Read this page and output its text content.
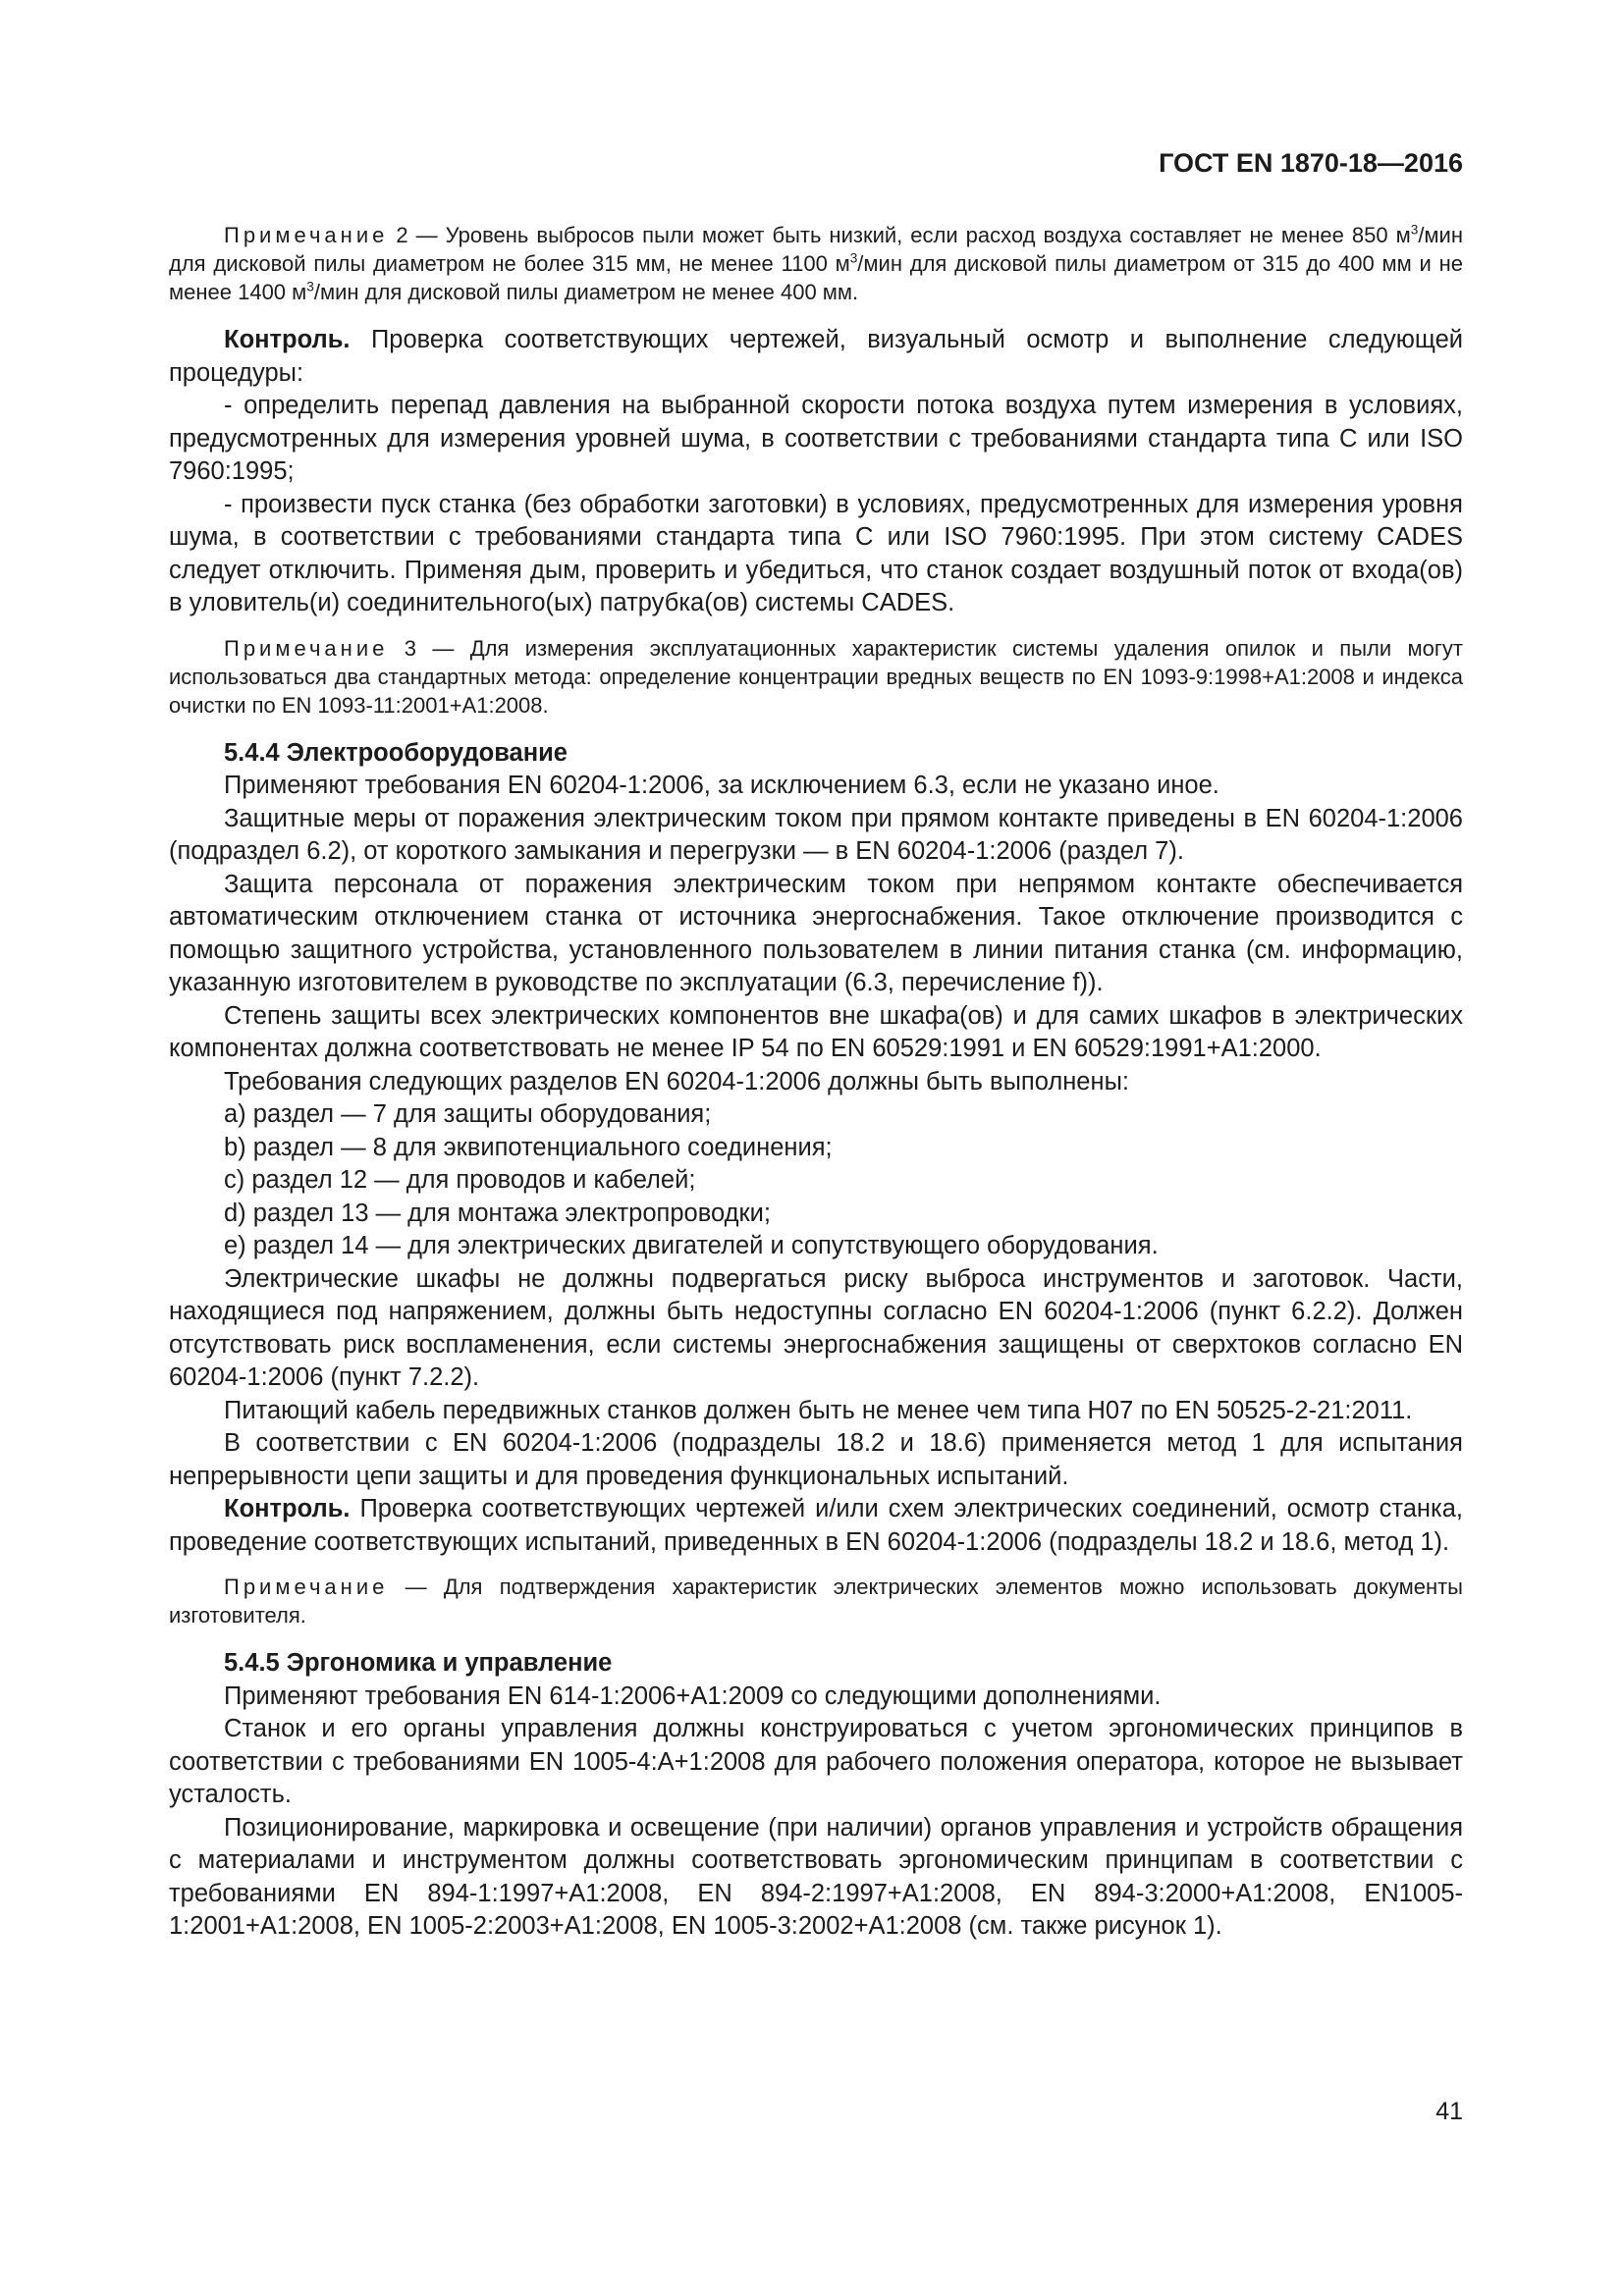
ГОСТ EN 1870-18—2016

Примечание 2 — Уровень выбросов пыли может быть низкий, если расход воздуха составляет не менее 850 $м^3$/мин для дисковой пилы диаметром не более 315 мм, не менее 1100 $м^3$/мин для дисковой пилы диаметром от 315 до 400 мм и не менее 1400 $м^3$/мин для дисковой пилы диаметром не менее 400 мм.

Контроль. Проверка соответствующих чертежей, визуальный осмотр и выполнение следующей процедуры:

- определить перепад давления на выбранной скорости потока воздуха путем измерения в условиях, предусмотренных для измерения уровней шума, в соответствии с требованиями стандарта типа С или ISO 7960:1995;

- произвести пуск станка (без обработки заготовки) в условиях, предусмотренных для измерения уровня шума, в соответствии с требованиями стандарта типа С или ISO 7960:1995. При этом систему CADES следует отключить. Применяя дым, проверить и убедиться, что станок создает воздушный поток от входа(ов) в уловитель(и) соединительного(ых) патрубка(ов) системы CADES.

Примечание 3 — Для измерения эксплуатационных характеристик системы удаления опилок и пыли могут использоваться два стандартных метода: определение концентрации вредных веществ по EN 1093-9:1998+A1:2008 и индекса очистки по EN 1093-11:2001+A1:2008.

5.4.4 Электрооборудование

Применяют требования EN 60204-1:2006, за исключением 6.3, если не указано иное.

Защитные меры от поражения электрическим током при прямом контакте приведены в EN 60204-1:2006 (подраздел 6.2), от короткого замыкания и перегрузки — в EN 60204-1:2006 (раздел 7).

Защита персонала от поражения электрическим током при непрямом контакте обеспечивается автоматическим отключением станка от источника энергоснабжения. Такое отключение производится с помощью защитного устройства, установленного пользователем в линии питания станка (см. информацию, указанную изготовителем в руководстве по эксплуатации (6.3, перечисление f)).

Степень защиты всех электрических компонентов вне шкафа(ов) и для самих шкафов в электрических компонентах должна соответствовать не менее IP 54 по EN 60529:1991 и EN 60529:1991+A1:2000.

Требования следующих разделов EN 60204-1:2006 должны быть выполнены:

a) раздел — 7 для защиты оборудования;

b) раздел — 8 для эквипотенциального соединения;

c) раздел 12 — для проводов и кабелей;

d) раздел 13 — для монтажа электропроводки;

e) раздел 14 — для электрических двигателей и сопутствующего оборудования.

Электрические шкафы не должны подвергаться риску выброса инструментов и заготовок. Части, находящиеся под напряжением, должны быть недоступны согласно EN 60204-1:2006 (пункт 6.2.2). Должен отсутствовать риск воспламенения, если системы энергоснабжения защищены от сверхтоков согласно EN 60204-1:2006 (пункт 7.2.2).

Питающий кабель передвижных станков должен быть не менее чем типа H07 по EN 50525-2-21:2011.

В соответствии с EN 60204-1:2006 (подразделы 18.2 и 18.6) применяется метод 1 для испытания непрерывности цепи защиты и для проведения функциональных испытаний.

Контроль. Проверка соответствующих чертежей и/или схем электрических соединений, осмотр станка, проведение соответствующих испытаний, приведенных в EN 60204-1:2006 (подразделы 18.2 и 18.6, метод 1).

Примечание — Для подтверждения характеристик электрических элементов можно использовать документы изготовителя.

5.4.5 Эргономика и управление

Применяют требования EN 614-1:2006+A1:2009 со следующими дополнениями.

Станок и его органы управления должны конструироваться с учетом эргономических принципов в соответствии с требованиями EN 1005-4:A+1:2008 для рабочего положения оператора, которое не вызывает усталость.

Позиционирование, маркировка и освещение (при наличии) органов управления и устройств обращения с материалами и инструментом должны соответствовать эргономическим принципам в соответствии с требованиями EN 894-1:1997+A1:2008, EN 894-2:1997+A1:2008, EN 894-3:2000+A1:2008, EN1005-1:2001+A1:2008, EN 1005-2:2003+A1:2008, EN 1005-3:2002+A1:2008 (см. также рисунок 1).

41
